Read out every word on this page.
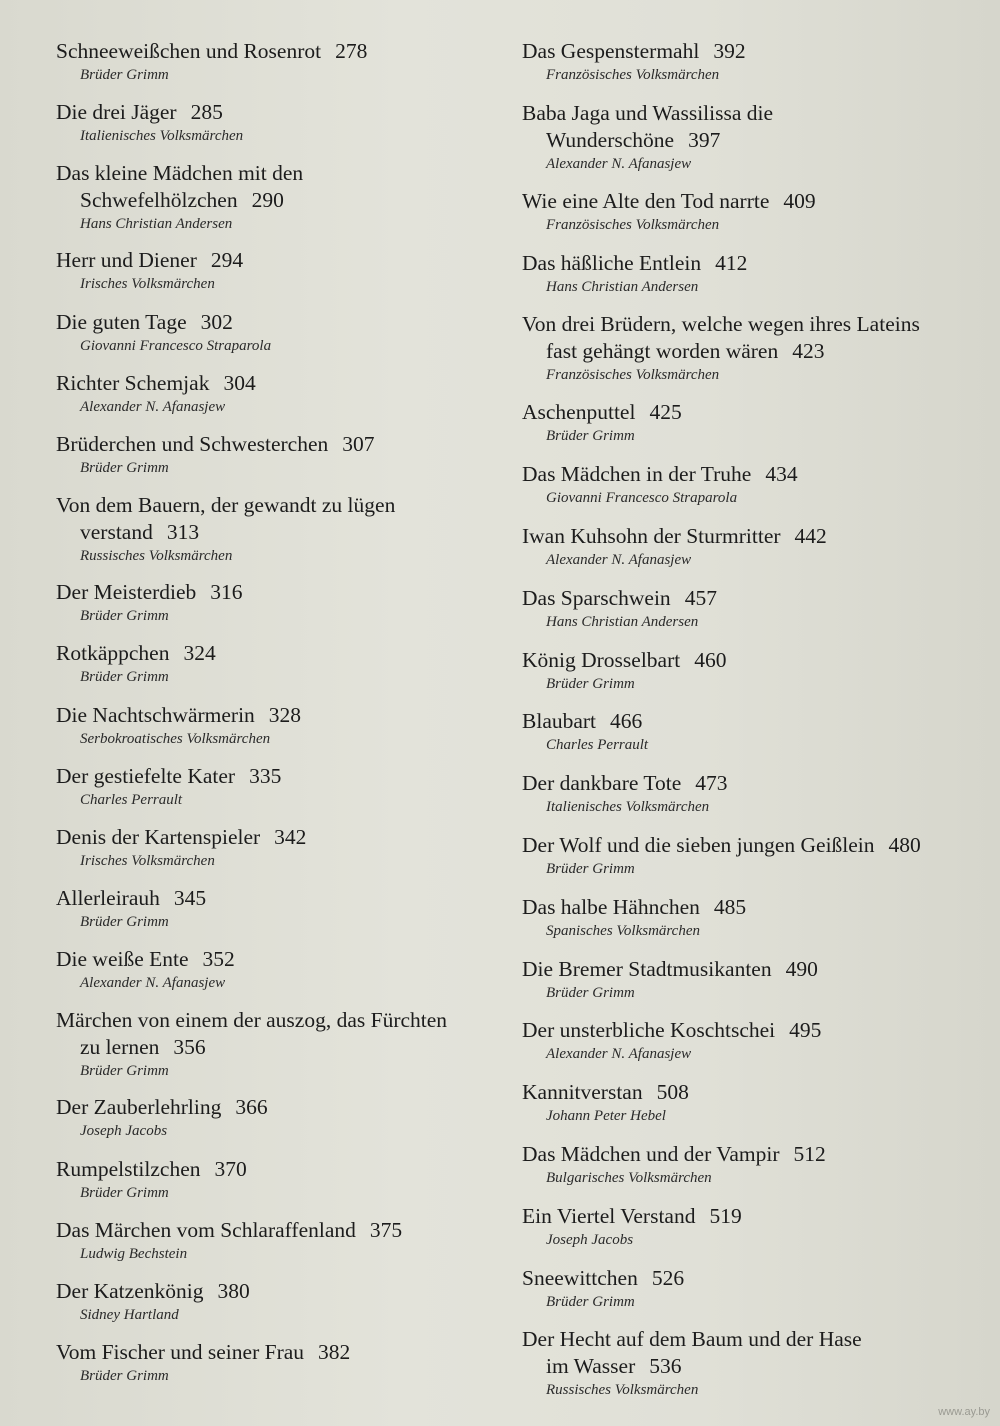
Schneeweißchen und Rosenrot 278
Brüder Grimm
Die drei Jäger 285
Italienisches Volksmärchen
Das kleine Mädchen mit den
Schwefelhölzchen 290
Hans Christian Andersen
Herr und Diener 294
Irisches Volksmärchen
Die guten Tage 302
Giovanni Francesco Straparola
Richter Schemjak 304
Alexander N. Afanasjew
Brüderchen und Schwesterchen 307
Brüder Grimm
Von dem Bauern, der gewandt zu lügen
verstand 313
Russisches Volksmärchen
Der Meisterdieb 316
Brüder Grimm
Rotkäppchen 324
Brüder Grimm
Die Nachtschwärmerin 328
Serbokroatisches Volksmärchen
Der gestiefelte Kater 335
Charles Perrault
Denis der Kartenspieler 342
Irisches Volksmärchen
Allerleirauh 345
Brüder Grimm
Die weiße Ente 352
Alexander N. Afanasjew
Märchen von einem der auszog, das Fürchten
zu lernen 356
Brüder Grimm
Der Zauberlehrling 366
Joseph Jacobs
Rumpelstilzchen 370
Brüder Grimm
Das Märchen vom Schlaraffenland 375
Ludwig Bechstein
Der Katzenkönig 380
Sidney Hartland
Vom Fischer und seiner Frau 382
Brüder Grimm
Das Gespenstermahl 392
Französisches Volksmärchen
Baba Jaga und Wassilissa die
Wunderschöne 397
Alexander N. Afanasjew
Wie eine Alte den Tod narrte 409
Französisches Volksmärchen
Das häßliche Entlein 412
Hans Christian Andersen
Von drei Brüdern, welche wegen ihres Lateins
fast gehängt worden wären 423
Französisches Volksmärchen
Aschenputtel 425
Brüder Grimm
Das Mädchen in der Truhe 434
Giovanni Francesco Straparola
Iwan Kuhsohn der Sturmritter 442
Alexander N. Afanasjew
Das Sparschwein 457
Hans Christian Andersen
König Drosselbart 460
Brüder Grimm
Blaubart 466
Charles Perrault
Der dankbare Tote 473
Italienisches Volksmärchen
Der Wolf und die sieben jungen Geißlein 480
Brüder Grimm
Das halbe Hähnchen 485
Spanisches Volksmärchen
Die Bremer Stadtmusikanten 490
Brüder Grimm
Der unsterbliche Koschtschei 495
Alexander N. Afanasjew
Kannitverstan 508
Johann Peter Hebel
Das Mädchen und der Vampir 512
Bulgarisches Volksmärchen
Ein Viertel Verstand 519
Joseph Jacobs
Sneewittchen 526
Brüder Grimm
Der Hecht auf dem Baum und der Hase
im Wasser 536
Russisches Volksmärchen
www.ay.by
